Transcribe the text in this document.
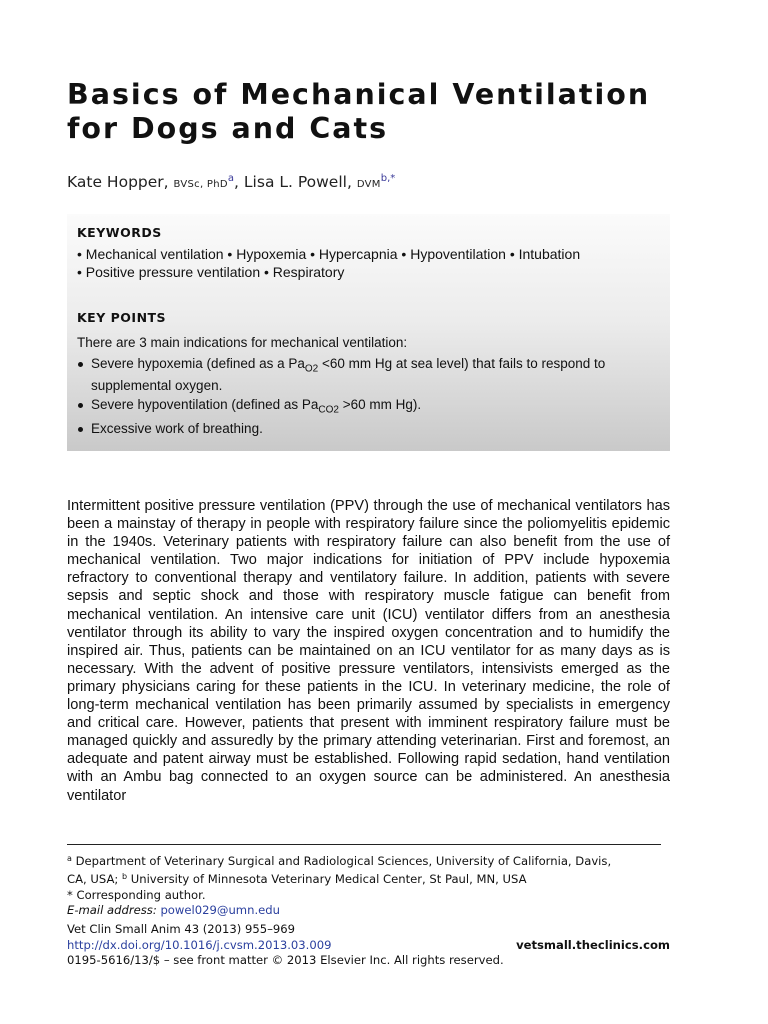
Basics of Mechanical Ventilation
for Dogs and Cats
Kate Hopper, BVSc, PhD$^a$, Lisa L. Powell, $DVM^{b,*}$
KEYWORDS
• Mechanical ventilation • Hypoxemia • Hypercapnia • Hypoventilation • Intubation
• Positive pressure ventilation • Respiratory
KEY POINTS
There are 3 main indications for mechanical ventilation:
Severe hypoxemia (defined as a $Pa_{O2} <60$ mm Hg at sea level) that fails to respond to supplemental oxygen.
Severe hypoventilation (defined as $Pa_{CO2} >60$ mm Hg).
Excessive work of breathing.

Intermittent positive pressure ventilation (PPV) through the use of mechanical ventilators has been a mainstay of therapy in people with respiratory failure since the poliomyelitis epidemic in the 1940s. Veterinary patients with respiratory failure can also benefit from the use of mechanical ventilation. Two major indications for initiation of PPV include hypoxemia refractory to conventional therapy and ventilatory failure. In addition, patients with severe sepsis and septic shock and those with respiratory muscle fatigue can benefit from mechanical ventilation. An intensive care unit (ICU) ventilator differs from an anesthesia ventilator through its ability to vary the inspired oxygen concentration and to humidify the inspired air. Thus, patients can be maintained on an ICU ventilator for as many days as is necessary. With the advent of positive pressure ventilators, intensivists emerged as the primary physicians caring for these patients in the ICU. In veterinary medicine, the role of long-term mechanical ventilation has been primarily assumed by specialists in emergency and critical care. However, patients that present with imminent respiratory failure must be managed quickly and assuredly by the primary attending veterinarian. First and foremost, an adequate and patent airway must be established. Following rapid sedation, hand ventilation with an Ambu bag connected to an oxygen source can be administered. An anesthesia ventilator

$^a$ Department of Veterinary Surgical and Radiological Sciences, University of California, Davis,
CA, USA; $^b$ University of Minnesota Veterinary Medical Center, St Paul, MN, USA
* Corresponding author.
E-mail address: powel029@umn.edu
Vet Clin Small Anim 43 (2013) 955–969
http://dx.doi.org/10.1016/j.cvsm.2013.03.009	vetsmall.theclinics.com
0195-5616/13/$ – see front matter © 2013 Elsevier Inc. All rights reserved.
